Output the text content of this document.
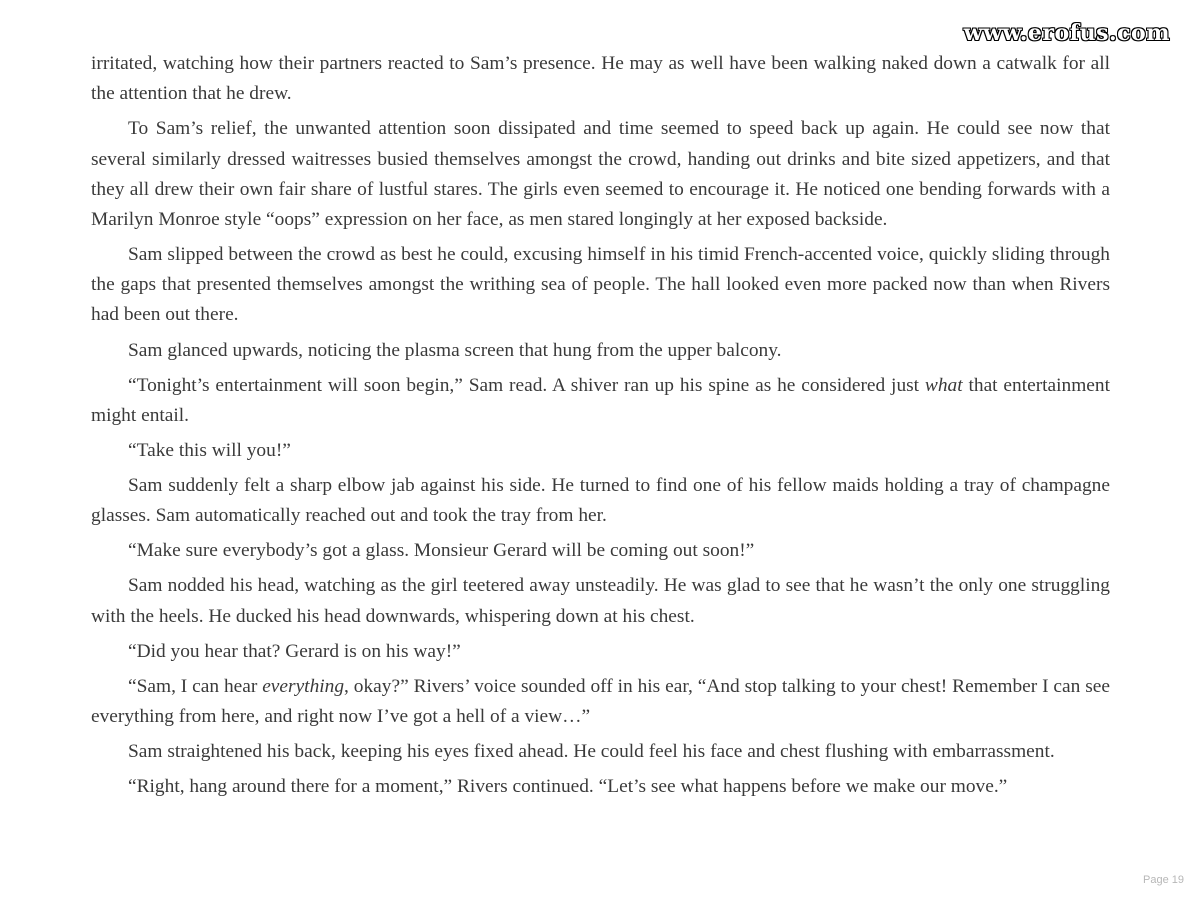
www.erofus.com

irritated, watching how their partners reacted to Sam’s presence. He may as well have been walking naked down a catwalk for all the attention that he drew.

To Sam’s relief, the unwanted attention soon dissipated and time seemed to speed back up again. He could see now that several similarly dressed waitresses busied themselves amongst the crowd, handing out drinks and bite sized appetizers, and that they all drew their own fair share of lustful stares. The girls even seemed to encourage it. He noticed one bending forwards with a Marilyn Monroe style “oops” expression on her face, as men stared longingly at her exposed backside.

Sam slipped between the crowd as best he could, excusing himself in his timid French-accented voice, quickly sliding through the gaps that presented themselves amongst the writhing sea of people. The hall looked even more packed now than when Rivers had been out there.

Sam glanced upwards, noticing the plasma screen that hung from the upper balcony.

“Tonight’s entertainment will soon begin,” Sam read. A shiver ran up his spine as he considered just what that entertainment might entail.

“Take this will you!”

Sam suddenly felt a sharp elbow jab against his side. He turned to find one of his fellow maids holding a tray of champagne glasses. Sam automatically reached out and took the tray from her.

“Make sure everybody’s got a glass. Monsieur Gerard will be coming out soon!”

Sam nodded his head, watching as the girl teetered away unsteadily. He was glad to see that he wasn’t the only one struggling with the heels. He ducked his head downwards, whispering down at his chest.

“Did you hear that? Gerard is on his way!”

“Sam, I can hear everything, okay?” Rivers’ voice sounded off in his ear, “And stop talking to your chest! Remember I can see everything from here, and right now I’ve got a hell of a view…”

Sam straightened his back, keeping his eyes fixed ahead. He could feel his face and chest flushing with embarrassment.

“Right, hang around there for a moment,” Rivers continued. “Let’s see what happens before we make our move.”

Page 19
